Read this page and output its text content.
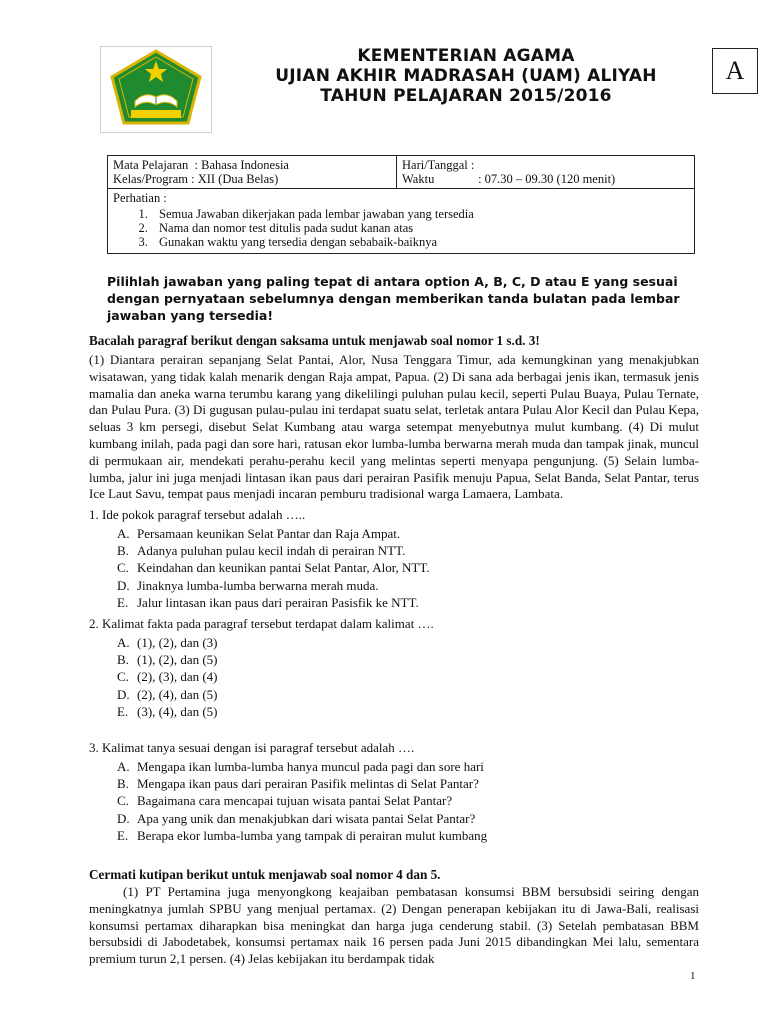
KEMENTERIAN AGAMA
UJIAN AKHIR MADRASAH (UAM) ALIYAH
TAHUN PELAJARAN 2015/2016
A
Mata Pelajaran  : Bahasa Indonesia
Kelas/Program : XII (Dua Belas)

Hari/Tanggal :
Waktu              : 07.30 – 09.30 (120 menit)

Perhatian :
1. Semua Jawaban dikerjakan pada lembar jawaban yang tersedia
2. Nama dan nomor test ditulis pada sudut kanan atas
3. Gunakan waktu yang tersedia dengan sebabaik-baiknya
Pilihlah jawaban yang paling tepat di antara option A, B, C, D atau E yang sesuai dengan pernyataan sebelumnya dengan memberikan tanda bulatan pada lembar jawaban yang tersedia!
Bacalah paragraf berikut dengan saksama untuk menjawab soal nomor 1 s.d. 3!
(1) Diantara perairan sepanjang Selat Pantai, Alor, Nusa Tenggara Timur, ada kemungkinan yang menakjubkan wisatawan, yang tidak kalah menarik dengan Raja ampat, Papua. (2) Di sana ada berbagai jenis ikan, termasuk jenis mamalia dan aneka warna terumbu karang yang dikelilingi puluhan pulau kecil, seperti Pulau Buaya, Pulau Ternate, dan Pulau Pura. (3) Di gugusan pulau-pulau ini terdapat suatu selat, terletak antara Pulau Alor Kecil dan Pulau Kepa, seluas 3 km persegi, disebut Selat Kumbang atau warga setempat menyebutnya mulut kumbang. (4) Di mulut kumbang inilah, pada pagi dan sore hari, ratusan ekor lumba-lumba berwarna merah muda dan tampak jinak, muncul di permukaan air, mendekati perahu-perahu kecil yang melintas seperti menyapa pengunjung. (5) Selain lumba-lumba, jalur ini juga menjadi lintasan ikan paus dari perairan Pasifik menuju Papua, Selat Banda, Selat Pantar, terus Ice Laut Savu, tempat paus menjadi incaran pemburu tradisional warga Lamaera, Lambata.
1. Ide pokok paragraf tersebut adalah …..
A. Persamaan keunikan Selat Pantar dan Raja Ampat.
B. Adanya puluhan pulau kecil indah di perairan NTT.
C. Keindahan dan keunikan pantai Selat Pantar, Alor, NTT.
D. Jinaknya lumba-lumba berwarna merah muda.
E. Jalur lintasan ikan paus dari perairan Pasisfik ke NTT.
2. Kalimat fakta pada paragraf tersebut terdapat dalam kalimat ….
A. (1), (2), dan (3)
B. (1), (2), dan (5)
C. (2), (3), dan (4)
D. (2), (4), dan (5)
E. (3), (4), dan (5)
3. Kalimat tanya sesuai dengan isi paragraf tersebut adalah ….
A. Mengapa ikan lumba-lumba hanya muncul pada pagi dan sore hari
B. Mengapa ikan paus dari perairan Pasifik melintas di Selat Pantar?
C. Bagaimana cara mencapai tujuan wisata pantai Selat Pantar?
D. Apa yang unik dan menakjubkan dari wisata pantai Selat Pantar?
E. Berapa ekor lumba-lumba yang tampak di perairan mulut kumbang
Cermati kutipan berikut untuk menjawab soal nomor 4 dan 5.
(1) PT Pertamina juga menyongkong keajaiban pembatasan konsumsi BBM bersubsidi seiring dengan meningkatnya jumlah SPBU yang menjual pertamax. (2) Dengan penerapan kebijakan itu di Jawa-Bali, realisasi konsumsi pertamax diharapkan bisa meningkat dan harga juga cenderung stabil. (3) Setelah pembatasan BBM bersubsidi di Jabodetabek, konsumsi pertamax naik 16 persen pada Juni 2015 dibandingkan Mei lalu, sementara premium turun 2,1 persen. (4) Jelas kebijakan itu berdampak tidak
1
